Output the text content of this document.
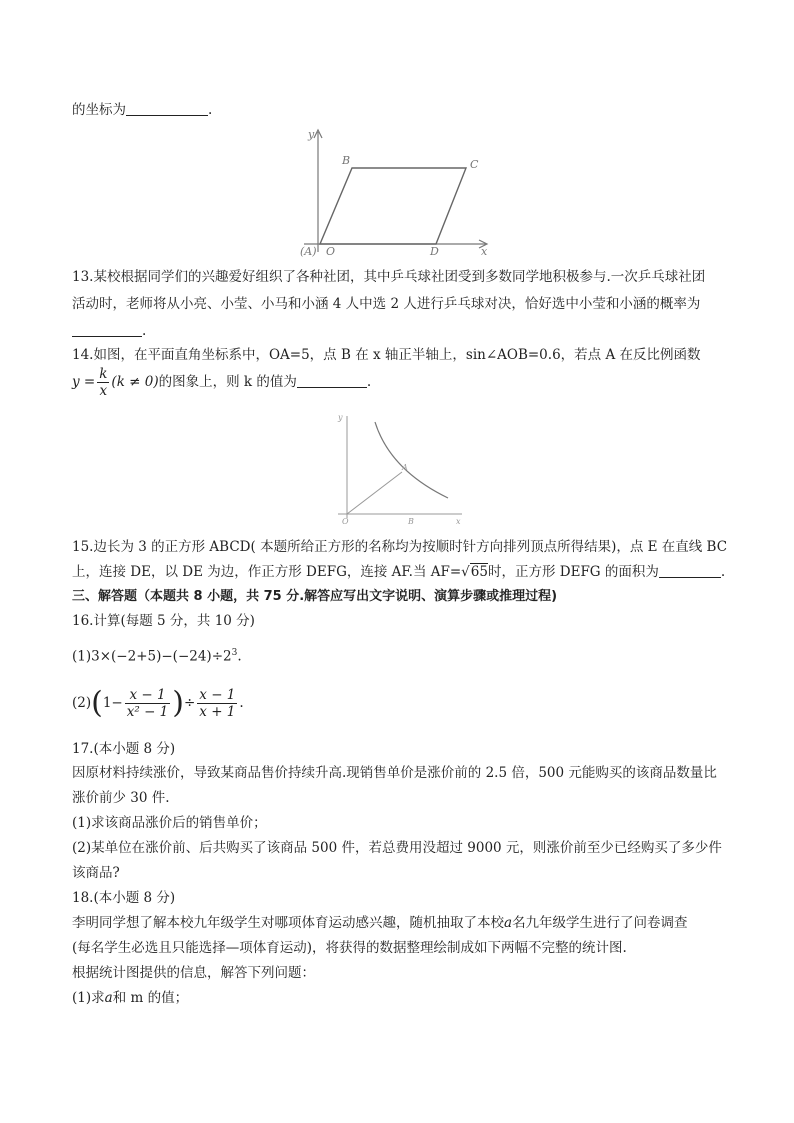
的坐标为	.
y
B	C
(A) O	D	x
13.某校根据同学们的兴趣爱好组织了各种社团，其中乒乓球社团受到多数同学地积极参与.一次乒乓球社团
活动时，老师将从小亮、小莹、小马和小涵 4 人中选 2 人进行乒乓球对决，恰好选中小莹和小涵的概率为
.
14.如图，在平面直角坐标系中，OA=5，点 B 在 x 轴正半轴上，sin∠AOB=0.6，若点 A 在反比例函数
$y = \frac{k}{x} (k \ne 0)$的图象上，则 k 的值为	.
y
A
O	B	x
15.边长为 3 的正方形 ABCD( 本题所给正方形的名称均为按顺时针方向排列顶点所得结果)，点 E 在直线 BC
上，连接 DE，以 DE 为边，作正方形 DEFG，连接 AF.当 AF=√65时，正方形 DEFG 的面积为	.
三、解答题（本题共 8 小题，共 75 分.解答应写出文字说明、演算步骤或推理过程)
16.计算(每题 5 分，共 10 分)
$(1)3\times(-2+5)-(-24)\div 2^3$.
$(2)(1- \frac{x - 1}{\text{x² − 1}}$ )÷ $\frac{x - 1}{x + 1}$ .
17.(本小题 8 分)
因原材料持续涨价，导致某商品售价持续升高.现销售单价是涨价前的 2.5 倍，500 元能购买的该商品数量比
涨价前少 30 件.
(1)求该商品涨价后的销售单价；
(2)某单位在涨价前、后共购买了该商品 500 件，若总费用没超过 9000 元，则涨价前至少已经购买了多少件
该商品?
18.(本小题 8 分)
李明同学想了解本校九年级学生对哪项体育运动感兴趣，随机抽取了本校a名九年级学生进行了问卷调查
(每名学生必选且只能选择—项体育运动)，将获得的数据整理绘制成如下两幅不完整的统计图.
根据统计图提供的信息，解答下列问题：
(1)求a和 m 的值；
